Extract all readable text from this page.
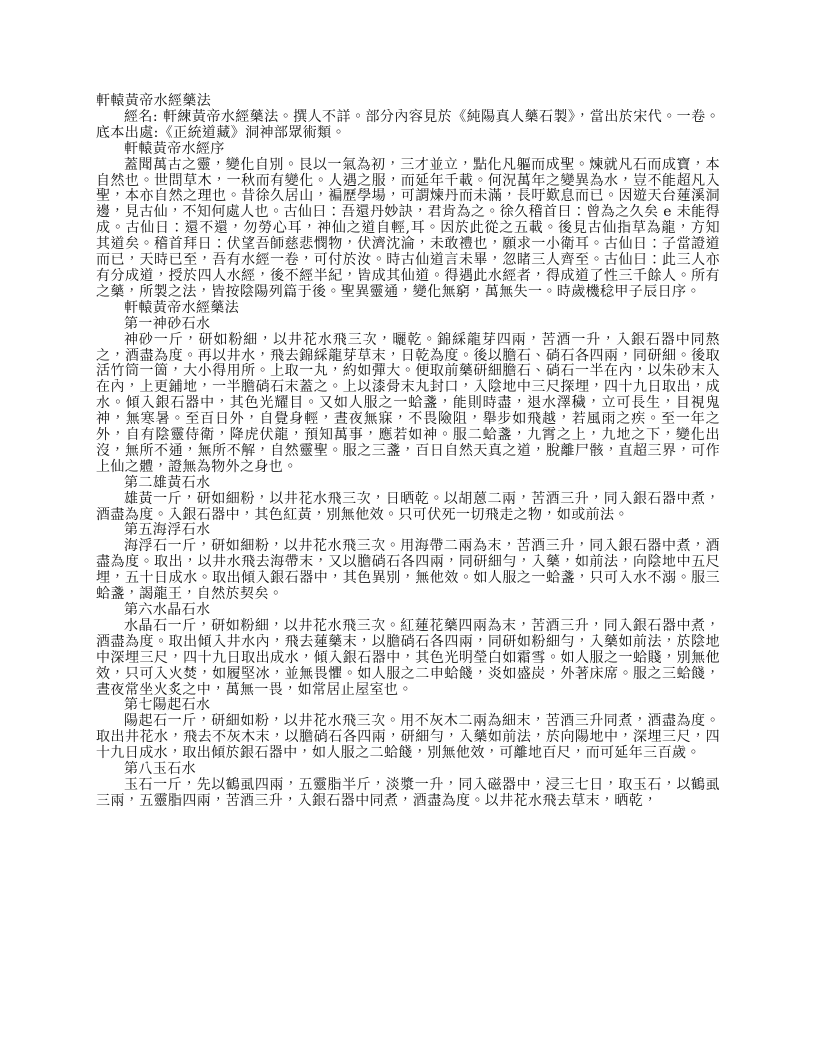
軒轅黃帝水經藥法

經名: 軒練黃帝水經藥法。撰人不詳。部分內容見於《純陽真人藥石製》，當出於宋代。一卷。底本出處:《正統道藏》洞神部眾術類。

軒轅黃帝水經序

蓋聞萬古之靈，變化自別。艮以一氣為初，三才並立，點化凡軀而成聖。煉就凡石而成寶，本自然也。世問草木，一秋而有變化。人遇之服，而延年千載。何況萬年之變異為水，豈不能超凡入聖，本亦自然之理也。昔徐久居山，褊歷學場，可謂煉丹而未滿，長吁歎息而已。因遊天台蓮溪洞邊，見古仙，不知何處人也。古仙曰：吾還丹妙訣，君肯為之。徐久稽首曰：曾為之久矣 e 未能得成。古仙日：還不還，勿勞心耳，神仙之道自輕,耳。因於此從之五載。後見古仙指草為龍，方知其道矣。稽首拜日：伏望吾師慈悲憫物，伏濟沈淪，未敢禮也，願求一小衛耳。古仙日：子當證道而已，天時已至，吾有水經一卷，可付於汝。時古仙道言未畢，忽睹三人齊至。古仙曰：此三人亦有分成道，授於四人水經，後不經半紀，皆成其仙道。得遇此水經者，得成道了性三千餘人。所有之藥，所製之法，皆按陰陽列篇于後。聖異靈通，變化無窮，萬無失一。時歲機稔甲子辰日序。

軒轅黃帝水經藥法

第一神砂石水

神砂一斤，研如粉細，以井花水飛三次，曬乾。錦綵龍芽四兩，苦酒一升，入銀石器中同熬之，酒盡為度。再以井水，飛去錦綵龍芽草末，日乾為度。後以膽石、硝石各四兩，同研細。後取活竹筒一箇，大小得用所。上取一丸，約如彈大。便取前藥研細膽石、硝石一半在內，以朱砂末入在內，上更鋪地，一半膽硝石末蓋之。上以漆骨末丸封口，入陰地中三尺探埋，四十九日取出，成水。傾入銀石器中，其色光耀目。又如人服之一蛤盞，能則時盡，退水澤穢，立可長生，目視鬼神，無寒暑。至百日外，自覺身輕，晝夜無寐，不畏險阻，舉步如飛越，若風雨之疾。至一年之外，自有陰靈侍衛，降虎伏龍，預知萬事，應若如神。服二蛤盞，九霄之上，九地之下，變化出沒，無所不通，無所不解，自然靈聖。服之三盞，百日自然天真之道，脫離尸骸，直超三界，可作上仙之體，證無為物外之身也。

第二雄黃石水

雄黃一斤，研如細粉，以井花水飛三次，日晒乾。以胡蒽二兩，苦酒三升，同入銀石器中煮，酒盡為度。入銀石器中，其色紅黃，別無他效。只可伏死一切飛走之物，如或前法。

第五海浮石水

海浮石一斤，研如細粉，以井花水飛三次。用海帶二兩為末，苦酒三升，同入銀石器中煮，酒盡為度。取出，以井水飛去海帶末，又以膽硝石各四兩，同研細勻，入藥，如前法，向陰地中五尺埋，五十日成水。取出傾入銀石器中，其色異別，無他效。如人服之一蛤盞，只可入水不溺。服三蛤盞，謁龍王，自然於契矣。

第六水晶石水

水晶石一斤，研如粉細，以井花水飛三次。紅蓮花藥四兩為末，苦酒三升，同入銀石器中煮，酒盡為度。取出傾入井水內，飛去蓮藥末，以膽硝石各四兩，同研如粉細勻，入藥如前法，於陰地中深埋三尺，四十九日取出成水，傾入銀石器中，其色光明瑩白如霜雪。如人服之一蛤賤，別無他效，只可入火焚，如履堅冰，並無畏懼。如人服之二申蛤餞，炎如盛炭，外著床席。服之三蛤餞，晝夜常坐火炙之中，萬無一畏，如常居止屋室也。

第七陽起石水

陽起石一斤，研細如粉，以井花水飛三次。用不灰木二兩為細末，苦酒三升同煮，酒盡為度。取出井花水，飛去不灰木末，以膽硝石各四兩，研細勻，入藥如前法，於向陽地中，深埋三尺，四十九日成水，取出傾於銀石器中，如人服之二蛤餞，別無他效，可離地百尺，而可延年三百歲。

第八玉石水

玉石一斤，先以鶴虱四兩，五靈脂半斤，淡漿一升，同入磁器中，浸三七日，取玉石，以鶴虱三兩，五靈脂四兩，苦酒三升，入銀石器中同煮，酒盡為度。以井花水飛去草末，晒乾，
